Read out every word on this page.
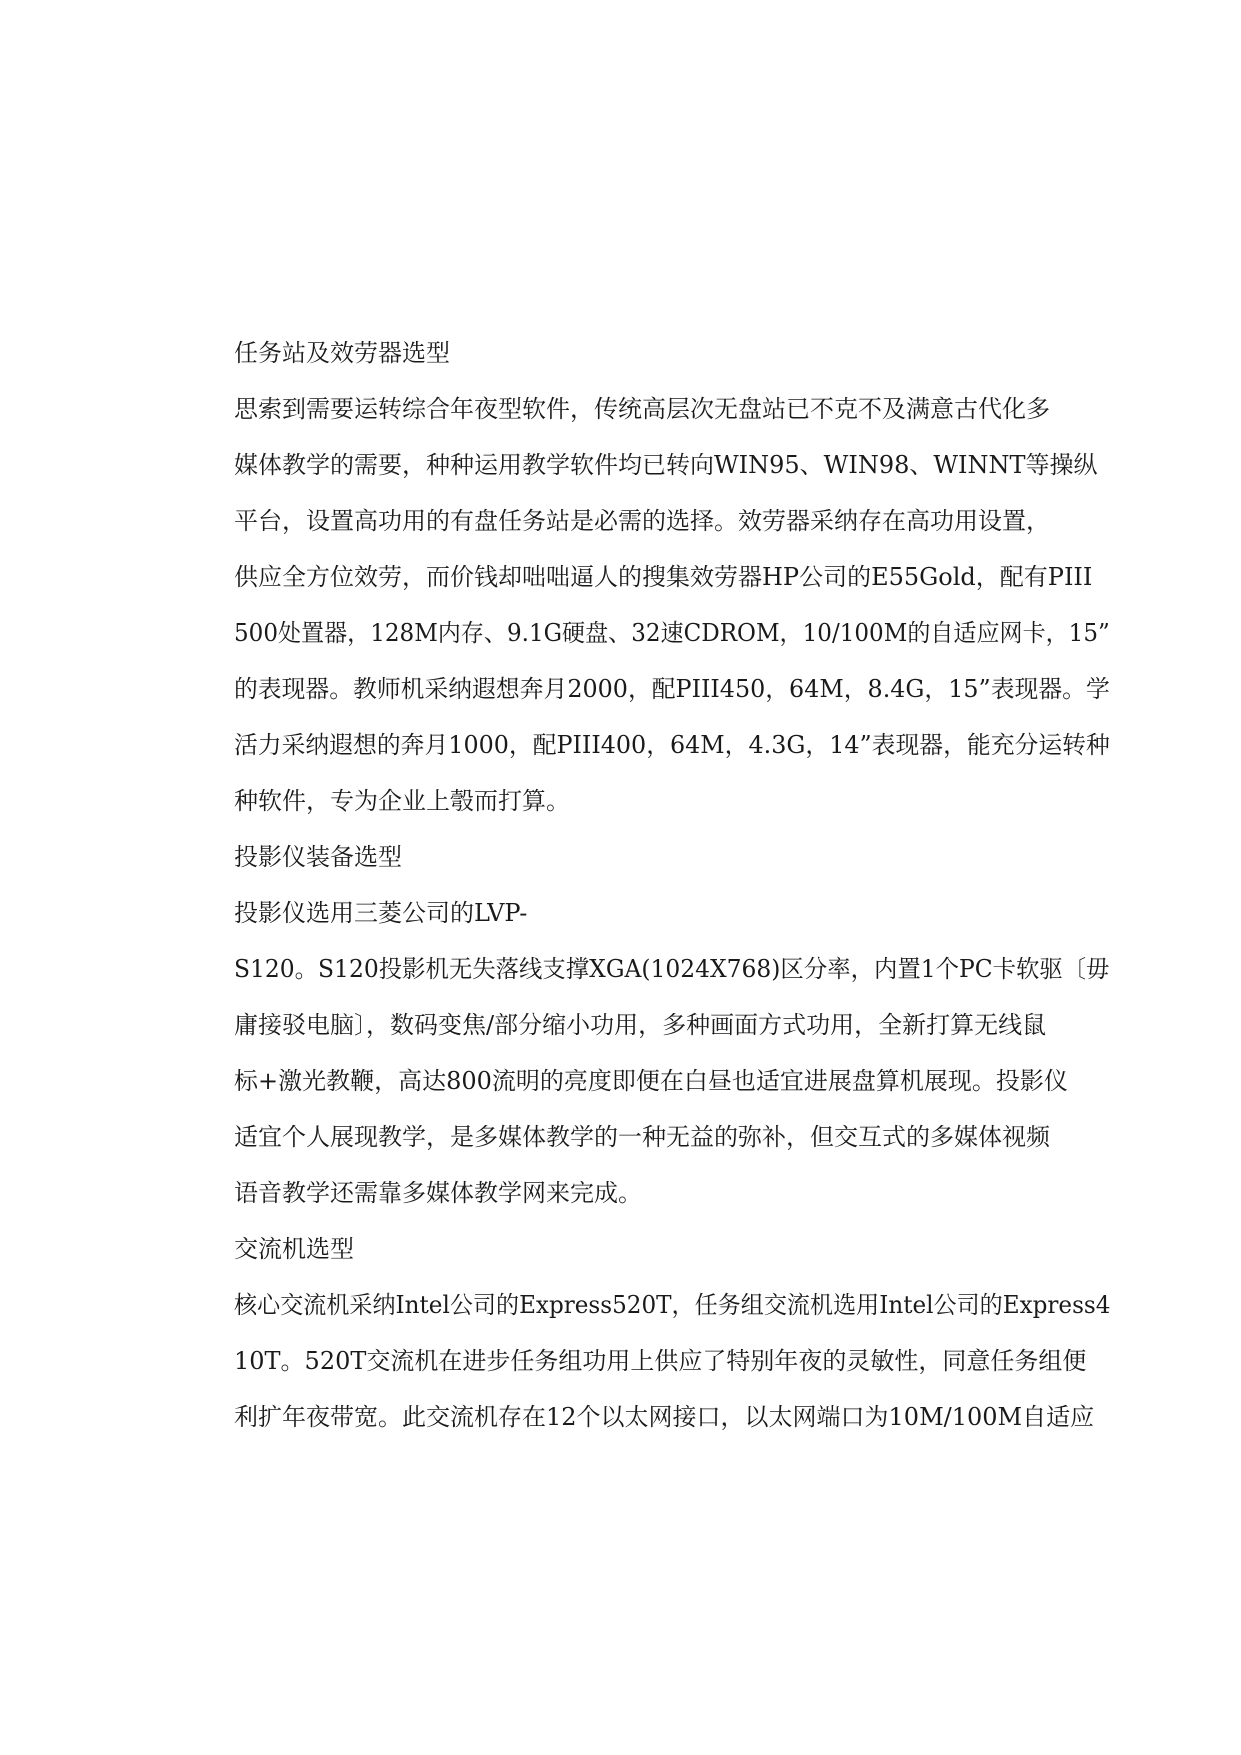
任务站及效劳器选型

思索到需要运转综合年夜型软件，传统高层次无盘站已不克不及满意古代化多

媒体教学的需要，种种运用教学软件均已转向WIN95、WIN98、WINNT等操纵

平台，设置高功用的有盘任务站是必需的选择。效劳器采纳存在高功用设置，

供应全方位效劳，而价钱却咄咄逼人的搜集效劳器HP公司的E55Gold，配有PIII

500处置器，128M内存、9.1G硬盘、32速CDROM，10/100M的自适应网卡，15”

的表现器。教师机采纳遐想奔月2000，配PIII450，64M，8.4G，15”表现器。学

活力采纳遐想的奔月1000，配PIII400，64M，4.3G，14”表现器，能充分运转种

种软件，专为企业上彀而打算。

投影仪装备选型

投影仪选用三菱公司的LVP-

S120。S120投影机无失落线支撑XGA(1024X768)区分率，内置1个PC卡软驱〔毋

庸接驳电脑〕，数码变焦/部分缩小功用，多种画面方式功用，全新打算无线鼠

标+激光教鞭，高达800流明的亮度即便在白昼也适宜进展盘算机展现。投影仪

适宜个人展现教学，是多媒体教学的一种无益的弥补，但交互式的多媒体视频

语音教学还需靠多媒体教学网来完成。

交流机选型

核心交流机采纳Intel公司的Express520T，任务组交流机选用Intel公司的Express4

10T。520T交流机在进步任务组功用上供应了特别年夜的灵敏性，同意任务组便

利扩年夜带宽。此交流机存在12个以太网接口，以太网端口为10M/100M自适应
